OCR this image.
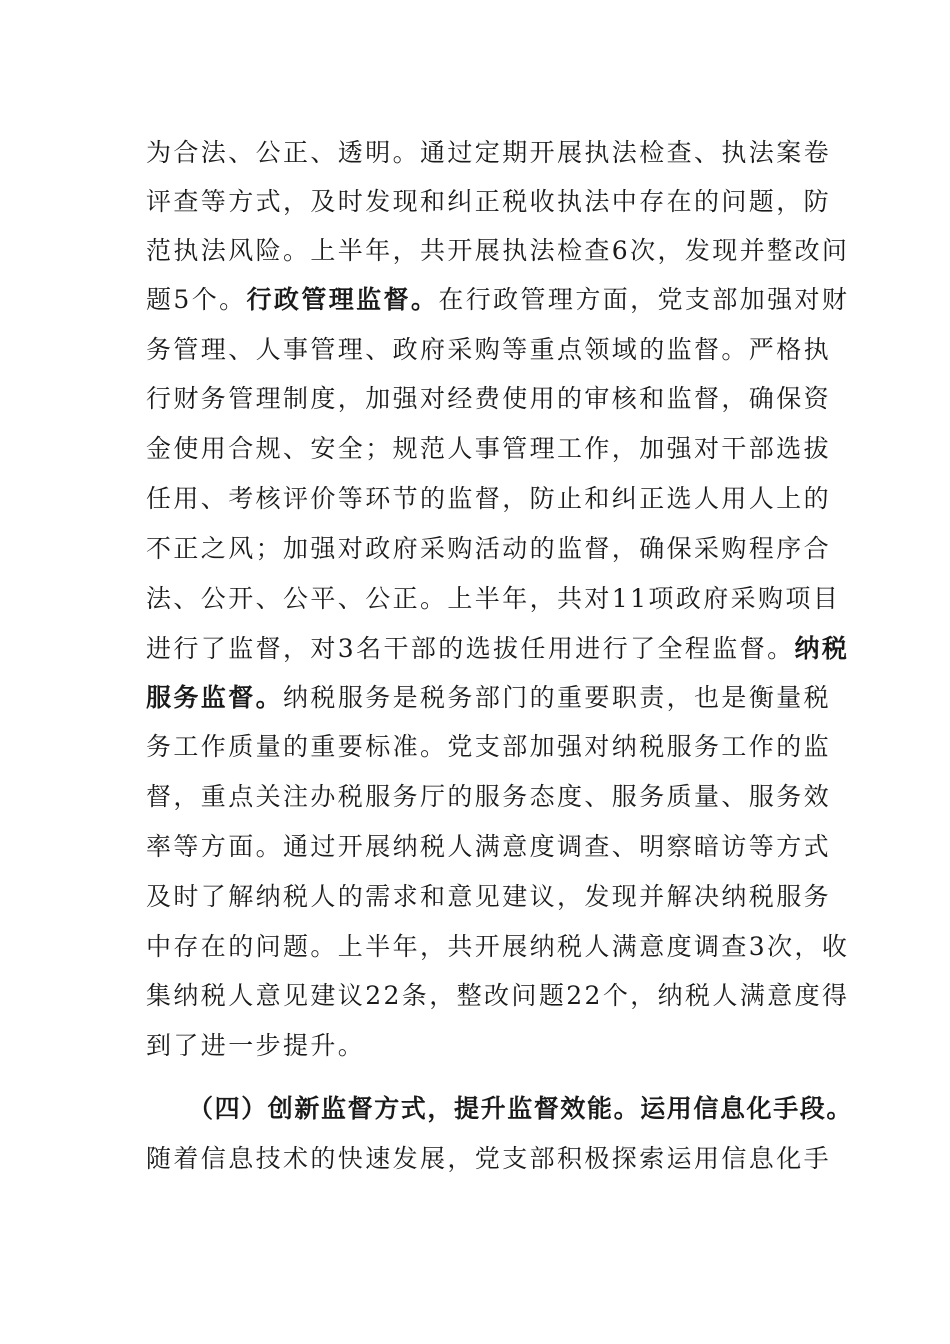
为合法、公正、透明。通过定期开展执法检查、执法案卷
评查等方式，及时发现和纠正税收执法中存在的问题，防
范执法风险。上半年，共开展执法检查6次，发现并整改问
题5个。行政管理监督。在行政管理方面，党支部加强对财
务管理、人事管理、政府采购等重点领域的监督。严格执
行财务管理制度，加强对经费使用的审核和监督，确保资
金使用合规、安全；规范人事管理工作，加强对干部选拔
任用、考核评价等环节的监督，防止和纠正选人用人上的
不正之风；加强对政府采购活动的监督，确保采购程序合
法、公开、公平、公正。上半年，共对11项政府采购项目
进行了监督，对3名干部的选拔任用进行了全程监督。纳税
服务监督。纳税服务是税务部门的重要职责，也是衡量税
务工作质量的重要标准。党支部加强对纳税服务工作的监
督，重点关注办税服务厅的服务态度、服务质量、服务效
率等方面。通过开展纳税人满意度调查、明察暗访等方式
及时了解纳税人的需求和意见建议，发现并解决纳税服务
中存在的问题。上半年，共开展纳税人满意度调查3次，收
集纳税人意见建议22条，整改问题22个，纳税人满意度得
到了进一步提升。
（四）创新监督方式，提升监督效能。运用信息化手段。
随着信息技术的快速发展，党支部积极探索运用信息化手
